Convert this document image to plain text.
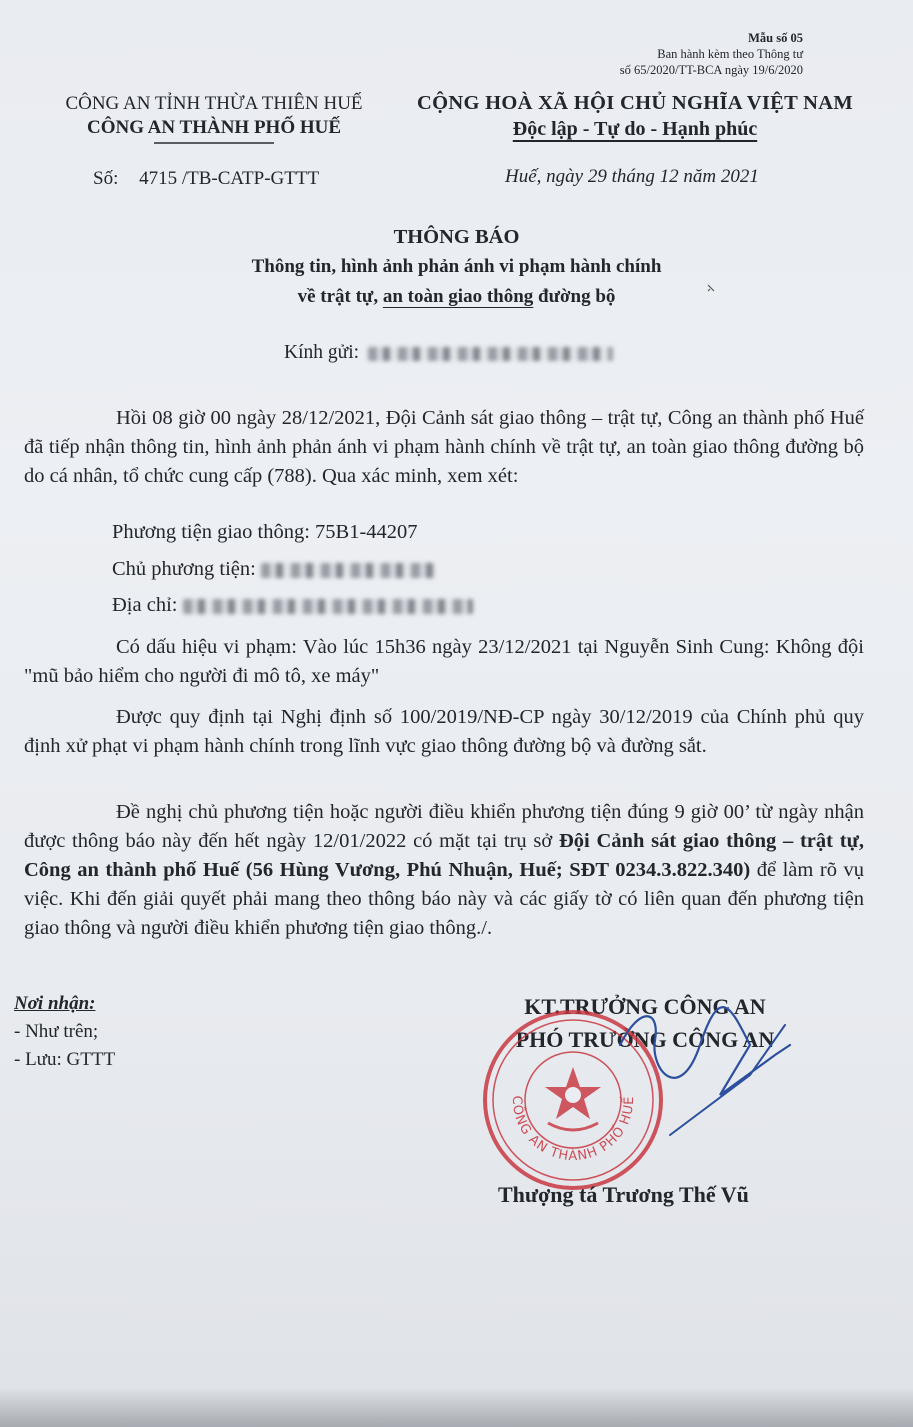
Mẫu số 05
Ban hành kèm theo Thông tư
số 65/2020/TT-BCA ngày 19/6/2020
CÔNG AN TỈNH THỪA THIÊN HUẾ
CÔNG AN THÀNH PHỐ HUẾ
CỘNG HOÀ XÃ HỘI CHỦ NGHĨA VIỆT NAM
Độc lập - Tự do - Hạnh phúc
Số: 4715 /TB-CATP-GTTT	Huế, ngày 29 tháng 12 năm 2021
THÔNG BÁO
Thông tin, hình ảnh phản ánh vi phạm hành chính
về trật tự, an toàn giao thông đường bộ
Kính gửi:
Hồi 08 giờ 00 ngày 28/12/2021, Đội Cảnh sát giao thông – trật tự, Công an thành phố Huế đã tiếp nhận thông tin, hình ảnh phản ánh vi phạm hành chính về trật tự, an toàn giao thông đường bộ do cá nhân, tổ chức cung cấp (788). Qua xác minh, xem xét:
Phương tiện giao thông: 75B1-44207
Chủ phương tiện:
Địa chỉ:
Có dấu hiệu vi phạm: Vào lúc 15h36 ngày 23/12/2021 tại Nguyễn Sinh Cung: Không đội "mũ bảo hiểm cho người đi mô tô, xe máy"
Được quy định tại Nghị định số 100/2019/NĐ-CP ngày 30/12/2019 của Chính phủ quy định xử phạt vi phạm hành chính trong lĩnh vực giao thông đường bộ và đường sắt.
Đề nghị chủ phương tiện hoặc người điều khiển phương tiện đúng 9 giờ 00’ từ ngày nhận được thông báo này đến hết ngày 12/01/2022 có mặt tại trụ sở Đội Cảnh sát giao thông – trật tự, Công an thành phố Huế (56 Hùng Vương, Phú Nhuận, Huế; SĐT 0234.3.822.340) để làm rõ vụ việc. Khi đến giải quyết phải mang theo thông báo này và các giấy tờ có liên quan đến phương tiện giao thông và người điều khiển phương tiện giao thông./.
Nơi nhận:
- Như trên;
- Lưu: GTTT
KT.TRƯỞNG CÔNG AN
PHÓ TRƯỞNG CÔNG AN
CÔNG AN THÀNH PHỐ HUẾ
Thượng tá Trương Thế Vũ
